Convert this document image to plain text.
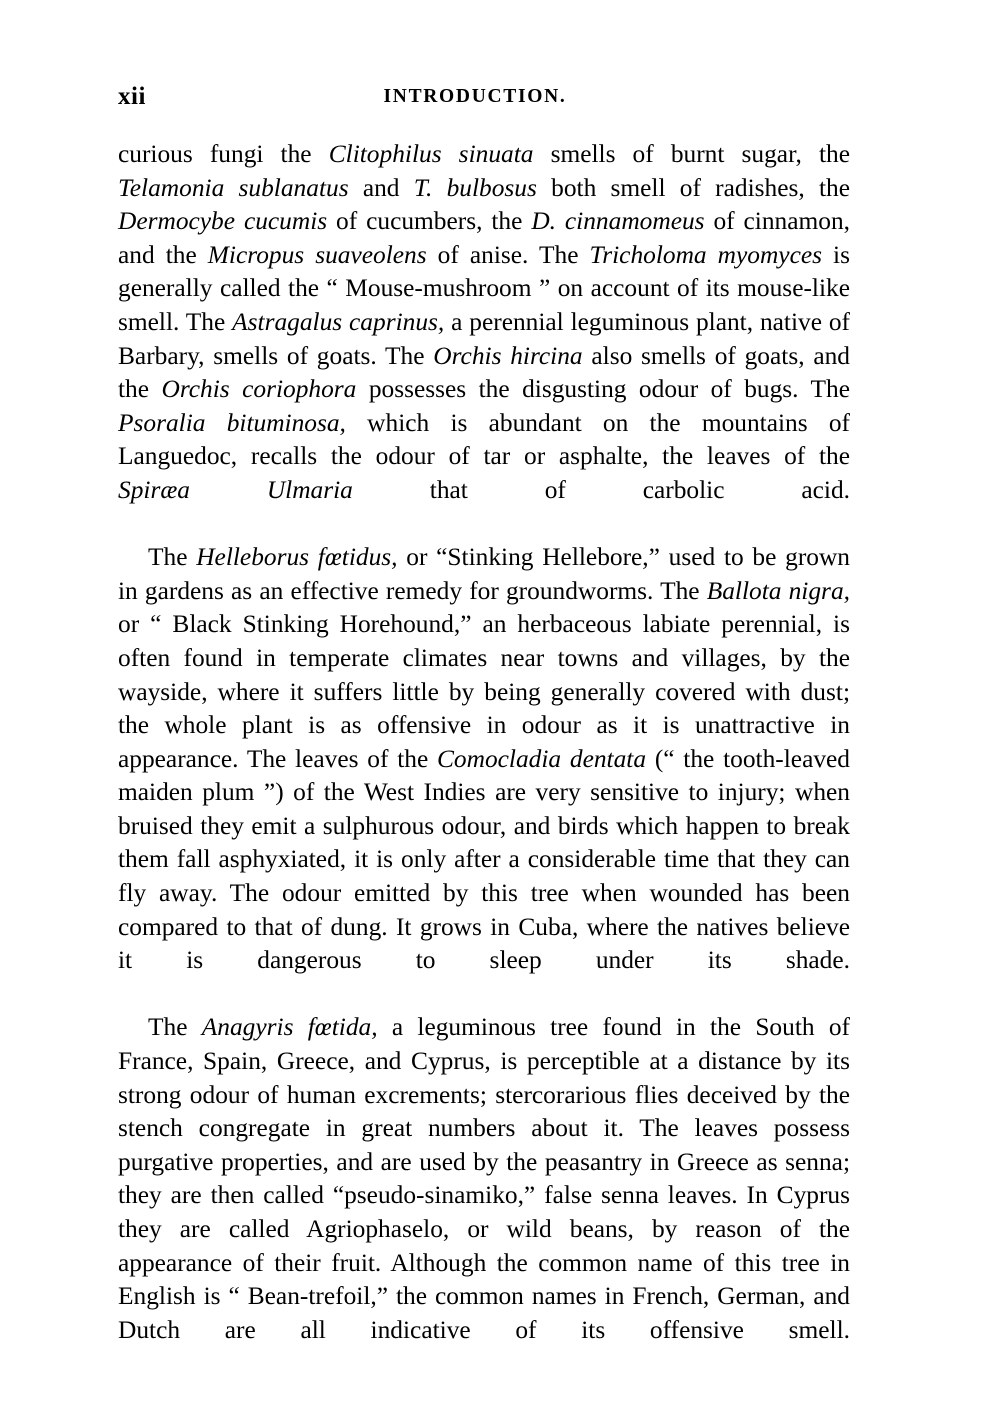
xii	INTRODUCTION.

curious fungi the Clitophilus sinuata smells of burnt sugar, the Telamonia sublanatus and T. bulbosus both smell of radishes, the Dermocybe cucumis of cucumbers, the D. cinnamomeus of cinnamon, and the Micropus suaveolens of anise. The Tricholoma myomyces is generally called the “ Mouse-mushroom ” on account of its mouse-like smell. The Astragalus caprinus, a perennial leguminous plant, native of Barbary, smells of goats. The Orchis hircina also smells of goats, and the Orchis coriophora possesses the disgusting odour of bugs. The Psoralia bituminosa, which is abundant on the mountains of Languedoc, recalls the odour of tar or asphalte, the leaves of the Spiræa Ulmaria that of carbolic acid.

The Helleborus fœtidus, or “Stinking Hellebore,” used to be grown in gardens as an effective remedy for groundworms. The Ballota nigra, or “ Black Stinking Horehound,” an herbaceous labiate perennial, is often found in temperate climates near towns and villages, by the wayside, where it suffers little by being generally covered with dust; the whole plant is as offensive in odour as it is unattractive in appearance. The leaves of the Comocladia dentata (“ the tooth-leaved maiden plum ”) of the West Indies are very sensitive to injury; when bruised they emit a sulphurous odour, and birds which happen to break them fall asphyxiated, it is only after a considerable time that they can fly away. The odour emitted by this tree when wounded has been compared to that of dung. It grows in Cuba, where the natives believe it is dangerous to sleep under its shade.

The Anagyris fœtida, a leguminous tree found in the South of France, Spain, Greece, and Cyprus, is perceptible at a distance by its strong odour of human excrements; stercorarious flies deceived by the stench congregate in great numbers about it. The leaves possess purgative properties, and are used by the peasantry in Greece as senna; they are then called “pseudo-sinamiko,” false senna leaves. In Cyprus they are called Agriophaselo, or wild beans, by reason of the appearance of their fruit. Although the common name of this tree in English is “ Bean-trefoil,” the common names in French, German, and Dutch are all indicative of its offensive smell.
